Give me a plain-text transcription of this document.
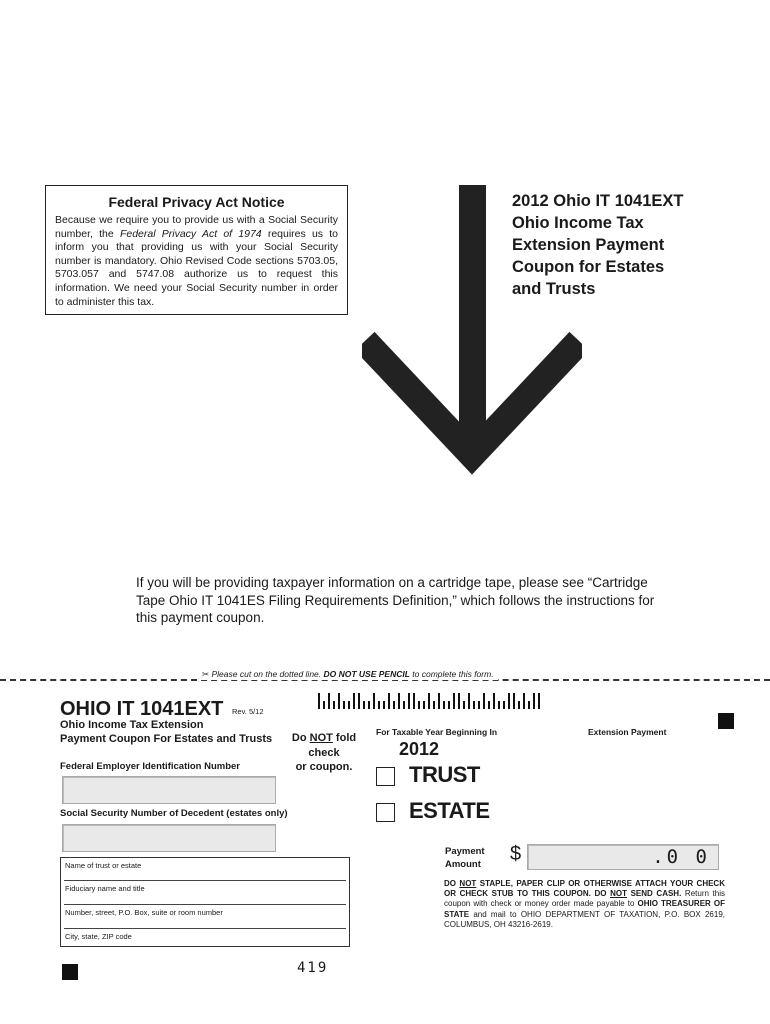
Federal Privacy Act Notice
Because we require you to provide us with a Social Security number, the Federal Privacy Act of 1974 requires us to inform you that providing us with your Social Security number is mandatory. Ohio Revised Code sections 5703.05, 5703.057 and 5747.08 authorize us to request this information. We need your Social Security number in order to administer this tax.
2012 Ohio IT 1041EXT
Ohio Income Tax
Extension Payment
Coupon for Estates
and Trusts
If you will be providing taxpayer information on a cartridge tape, please see “Cartridge Tape Ohio IT 1041ES Filing Requirements Definition,” which follows the instructions for this payment coupon.
✂ Please cut on the dotted line. DO NOT USE PENCIL to complete this form.
OHIO IT 1041EXT Rev. 5/12
Ohio Income Tax Extension
Payment Coupon For Estates and Trusts	Do NOT fold
check
or coupon.
For Taxable Year Beginning In
2012
Extension Payment
Federal Employer Identification Number
Social Security Number of Decedent (estates only)
TRUST
ESTATE
Payment
Amount $	.0 0
DO NOT STAPLE, PAPER CLIP OR OTHERWISE ATTACH YOUR CHECK OR CHECK STUB TO THIS COUPON. DO NOT SEND CASH. Return this coupon with check or money order made payable to OHIO TREASURER OF STATE and mail to OHIO DEPARTMENT OF TAXATION, P.O. BOX 2619, COLUMBUS, OH 43216-2619.
Name of trust or estate
Fiduciary name and title
Number, street, P.O. Box, suite or room number
City, state, ZIP code
419
